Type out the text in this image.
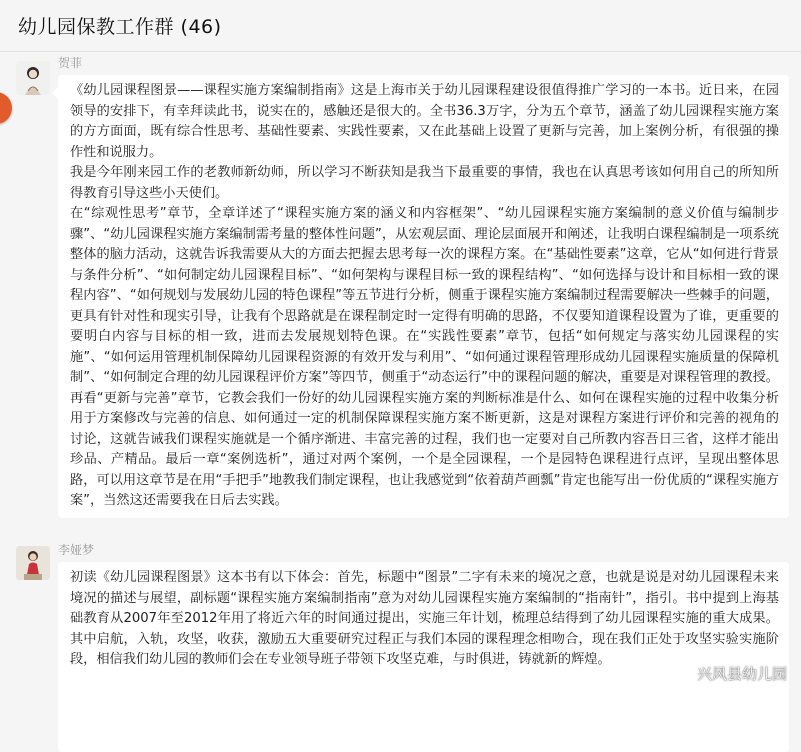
幼儿园保教工作群 (46)
贺菲

《幼儿园课程图景——课程实施方案编制指南》这是上海市关于幼儿园课程建设很值得推广学习的一本书。近日来，在园领导的安排下，有幸拜读此书，说实在的，感触还是很大的。全书36.3万字，分为五个章节，涵盖了幼儿园课程实施方案的方方面面，既有综合性思考、基础性要素、实践性要素，又在此基础上设置了更新与完善，加上案例分析，有很强的操作性和说服力。

我是今年刚来园工作的老教师新幼师，所以学习不断获知是我当下最重要的事情，我也在认真思考该如何用自己的所知所得教育引导这些小天使们。

在“综观性思考”章节，全章详述了“课程实施方案的涵义和内容框架”、“幼儿园课程实施方案编制的意义价值与编制步骤”、“幼儿园课程实施方案编制需考量的整体性问题”，从宏观层面、理论层面展开和阐述，让我明白课程编制是一项系统整体的脑力活动，这就告诉我需要从大的方面去把握去思考每一次的课程方案。在“基础性要素”这章，它从“如何进行背景与条件分析”、“如何制定幼儿园课程目标”、“如何架构与课程目标一致的课程结构”、“如何选择与设计和目标相一致的课程内容”、“如何规划与发展幼儿园的特色课程”等五节进行分析，侧重于课程实施方案编制过程需要解决一些棘手的问题，更具有针对性和现实引导，让我有个思路就是在课程制定时一定得有明确的思路，不仅要知道课程设置为了谁，更重要的要明白内容与目标的相一致，进而去发展规划特色课。在“实践性要素”章节，包括“如何规定与落实幼儿园课程的实施”、“如何运用管理机制保障幼儿园课程资源的有效开发与利用”、“如何通过课程管理形成幼儿园课程实施质量的保障机制”、“如何制定合理的幼儿园课程评价方案”等四节，侧重于“动态运行”中的课程问题的解决，重要是对课程管理的教授。再看“更新与完善”章节，它教会我们一份好的幼儿园课程实施方案的判断标准是什么、如何在课程实施的过程中收集分析用于方案修改与完善的信息、如何通过一定的机制保障课程实施方案不断更新，这是对课程方案进行评价和完善的视角的讨论，这就告诫我们课程实施就是一个循序渐进、丰富完善的过程，我们也一定要对自己所教内容吾日三省，这样才能出珍品、产精品。最后一章“案例选析”，通过对两个案例，一个是全园课程，一个是园特色课程进行点评，呈现出整体思路，可以用这章节是在用“手把手”地教我们制定课程，也让我感觉到“依着葫芦画瓢”肯定也能写出一份优质的“课程实施方案”，当然这还需要我在日后去实践。

李娅梦

初读《幼儿园课程图景》这本书有以下体会：首先，标题中“图景”二字有未来的境况之意，也就是说是对幼儿园课程未来境况的描述与展望，副标题“课程实施方案编制指南”意为对幼儿园课程实施方案编制的“指南针”，指引。书中提到上海基础教育从2007年至2012年用了将近六年的时间通过提出，实施三年计划，梳理总结得到了幼儿园课程实施的重大成果。其中启航，入轨，攻坚，收获，激励五大重要研究过程正与我们本园的课程理念相吻合，现在我们正处于攻坚实验实施阶段，相信我们幼儿园的教师们会在专业领导班子带领下攻坚克难，与时俱进，铸就新的辉煌。

兴风县幼儿园
